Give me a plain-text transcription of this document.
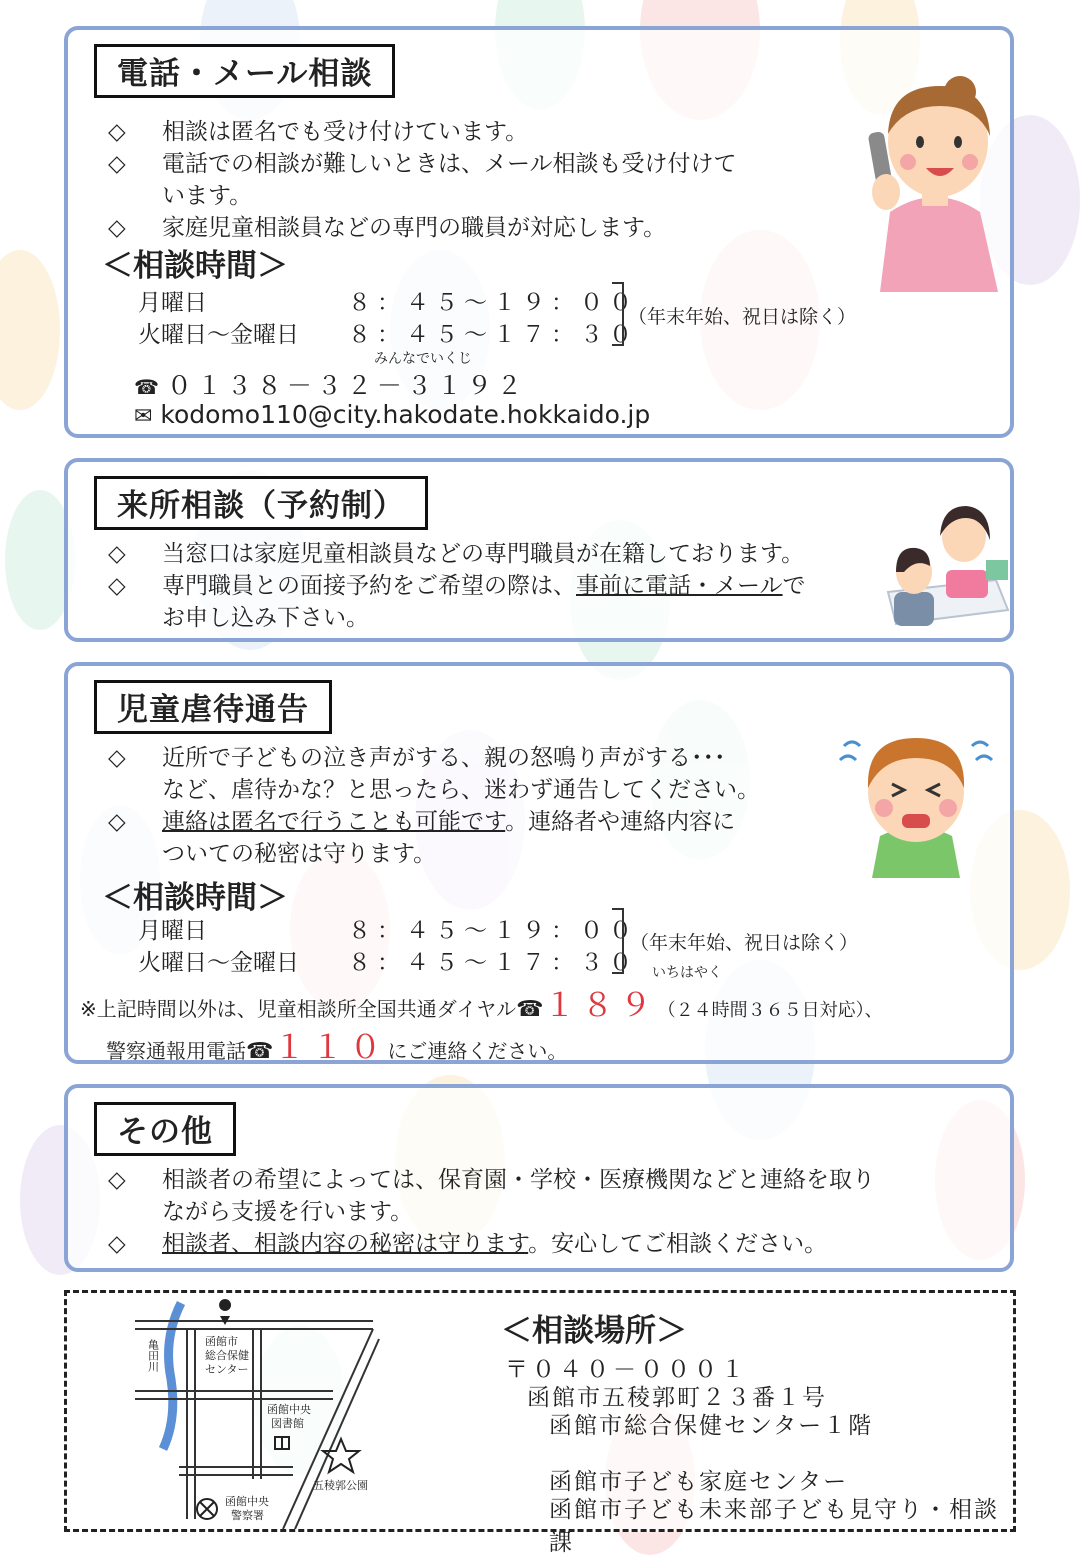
電話・メール相談
◇	相談は匿名でも受け付けています。
◇	電話での相談が難しいときは、メール相談も受け付けて
います。
◇	家庭児童相談員などの専門の職員が対応します。
＜相談時間＞
月曜日	８：４５～１９：００
火曜日～金曜日 ８：４５～１７：３０
（年末年始、祝日は除く）
みんなでいくじ
☎ ０１３８－３２－３１９２
✉ kodomo110@city.hakodate.hokkaido.jp
来所相談（予約制）
◇	当窓口は家庭児童相談員などの専門職員が在籍しております。
◇	専門職員との面接予約をご希望の際は、事前に電話・メールで
お申し込み下さい。
児童虐待通告
◇	近所で子どもの泣き声がする、親の怒鳴り声がする･･･
など、虐待かな？と思ったら、迷わず通告してください。
◇	連絡は匿名で行うことも可能です。連絡者や連絡内容に
ついての秘密は守ります。
＜相談時間＞
月曜日	８：４５～１９：００
火曜日～金曜日 ８：４５～１７：３０
（年末年始、祝日は除く）
いちはやく
※上記時間以外は、児童相談所全国共通ダイヤル☎１８９（２４時間３６５日対応）、
警察通報用電話☎１１０にご連絡ください。
その他
◇	相談者の希望によっては、保育園・学校・医療機関などと連絡を取り
ながら支援を行います。
◇	相談者、相談内容の秘密は守ります。安心してご相談ください。
亀田川	函館市
総合保健
センター
函館中央
図書館
五稜郭公園
函館中央
警察署
＜相談場所＞
〒０４０－０００１
函館市五稜郭町２３番１号
函館市総合保健センター１階
函館市子ども家庭センター
函館市子ども未来部子ども見守り・相談課
